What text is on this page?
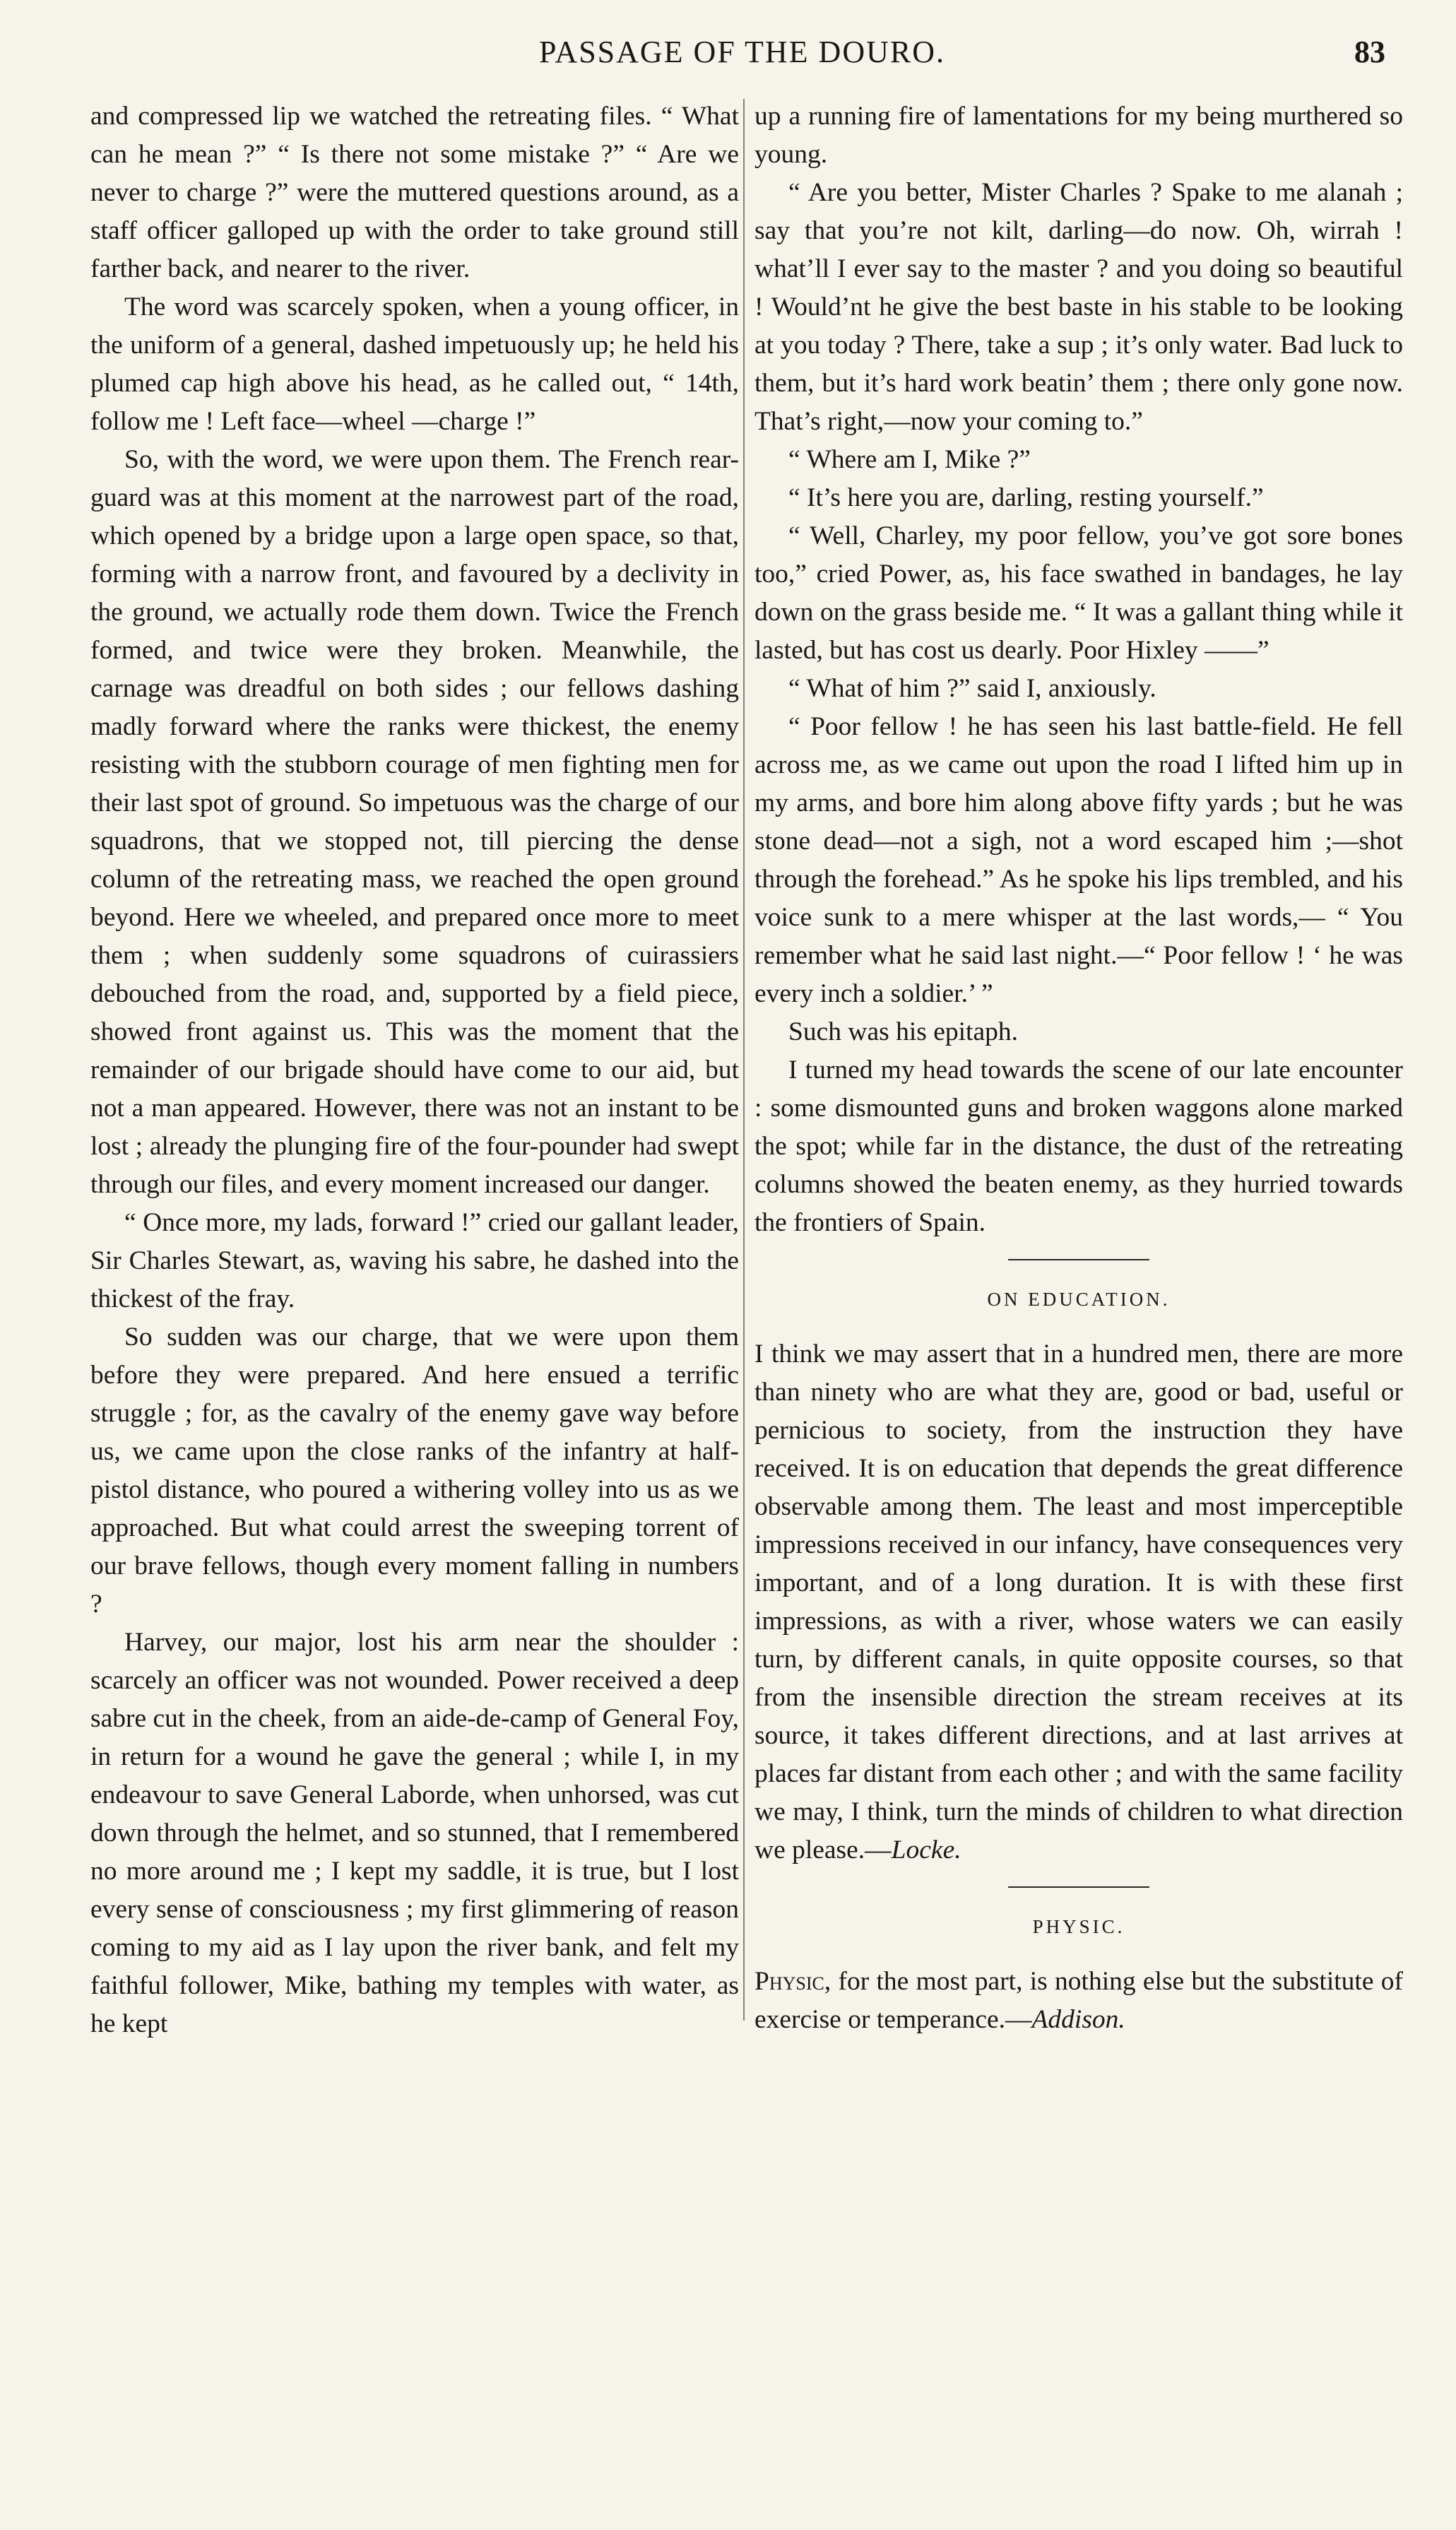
PASSAGE OF THE DOURO.	83

and compressed lip we watched the retreating files. “ What can he mean ?” “ Is there not some mistake ?” “ Are we never to charge ?” were the muttered questions around, as a staff officer galloped up with the order to take ground still farther back, and nearer to the river.

The word was scarcely spoken, when a young officer, in the uniform of a general, dashed impetuously up; he held his plumed cap high above his head, as he called out, “ 14th, follow me ! Left face—wheel —charge !”

So, with the word, we were upon them. The French rear-guard was at this moment at the narrowest part of the road, which opened by a bridge upon a large open space, so that, forming with a narrow front, and favoured by a declivity in the ground, we actually rode them down. Twice the French formed, and twice were they broken. Meanwhile, the carnage was dreadful on both sides ; our fellows dashing madly forward where the ranks were thickest, the enemy resisting with the stubborn courage of men fighting men for their last spot of ground. So impetuous was the charge of our squadrons, that we stopped not, till piercing the dense column of the retreating mass, we reached the open ground beyond. Here we wheeled, and prepared once more to meet them ; when suddenly some squadrons of cuirassiers debouched from the road, and, supported by a field piece, showed front against us. This was the moment that the remainder of our brigade should have come to our aid, but not a man appeared. However, there was not an instant to be lost ; already the plunging fire of the four-pounder had swept through our files, and every moment increased our danger.

“ Once more, my lads, forward !” cried our gallant leader, Sir Charles Stewart, as, waving his sabre, he dashed into the thickest of the fray.

So sudden was our charge, that we were upon them before they were prepared. And here ensued a terrific struggle ; for, as the cavalry of the enemy gave way before us, we came upon the close ranks of the infantry at half-pistol distance, who poured a withering volley into us as we approached. But what could arrest the sweeping torrent of our brave fellows, though every moment falling in numbers ?

Harvey, our major, lost his arm near the shoulder : scarcely an officer was not wounded. Power received a deep sabre cut in the cheek, from an aide-de-camp of General Foy, in return for a wound he gave the general ; while I, in my endeavour to save General Laborde, when unhorsed, was cut down through the helmet, and so stunned, that I remembered no more around me ; I kept my saddle, it is true, but I lost every sense of consciousness ; my first glimmering of reason coming to my aid as I lay upon the river bank, and felt my faithful follower, Mike, bathing my temples with water, as he kept

up a running fire of lamentations for my being murthered so young.

“ Are you better, Mister Charles ? Spake to me alanah ; say that you’re not kilt, darling—do now. Oh, wirrah ! what’ll I ever say to the master ? and you doing so beautiful ! Would’nt he give the best baste in his stable to be looking at you today ? There, take a sup ; it’s only water. Bad luck to them, but it’s hard work beatin’ them ; there only gone now. That’s right,—now your coming to.”

“ Where am I, Mike ?”

“ It’s here you are, darling, resting yourself.”

“ Well, Charley, my poor fellow, you’ve got sore bones too,” cried Power, as, his face swathed in bandages, he lay down on the grass beside me. “ It was a gallant thing while it lasted, but has cost us dearly. Poor Hixley ——”

“ What of him ?” said I, anxiously.

“ Poor fellow ! he has seen his last battle-field. He fell across me, as we came out upon the road I lifted him up in my arms, and bore him along above fifty yards ; but he was stone dead—not a sigh, not a word escaped him ;—shot through the forehead.” As he spoke his lips trembled, and his voice sunk to a mere whisper at the last words,— “ You remember what he said last night.—“ Poor fellow ! ‘ he was every inch a soldier.’ ”

Such was his epitaph.

I turned my head towards the scene of our late encounter : some dismounted guns and broken waggons alone marked the spot; while far in the distance, the dust of the retreating columns showed the beaten enemy, as they hurried towards the frontiers of Spain.

ON EDUCATION.

I think we may assert that in a hundred men, there are more than ninety who are what they are, good or bad, useful or pernicious to society, from the instruction they have received. It is on education that depends the great difference observable among them. The least and most imperceptible impressions received in our infancy, have consequences very important, and of a long duration. It is with these first impressions, as with a river, whose waters we can easily turn, by different canals, in quite opposite courses, so that from the insensible direction the stream receives at its source, it takes different directions, and at last arrives at places far distant from each other ; and with the same facility we may, I think, turn the minds of children to what direction we please.—Locke.

PHYSIC.

Physic, for the most part, is nothing else but the substitute of exercise or temperance.—Addison.
